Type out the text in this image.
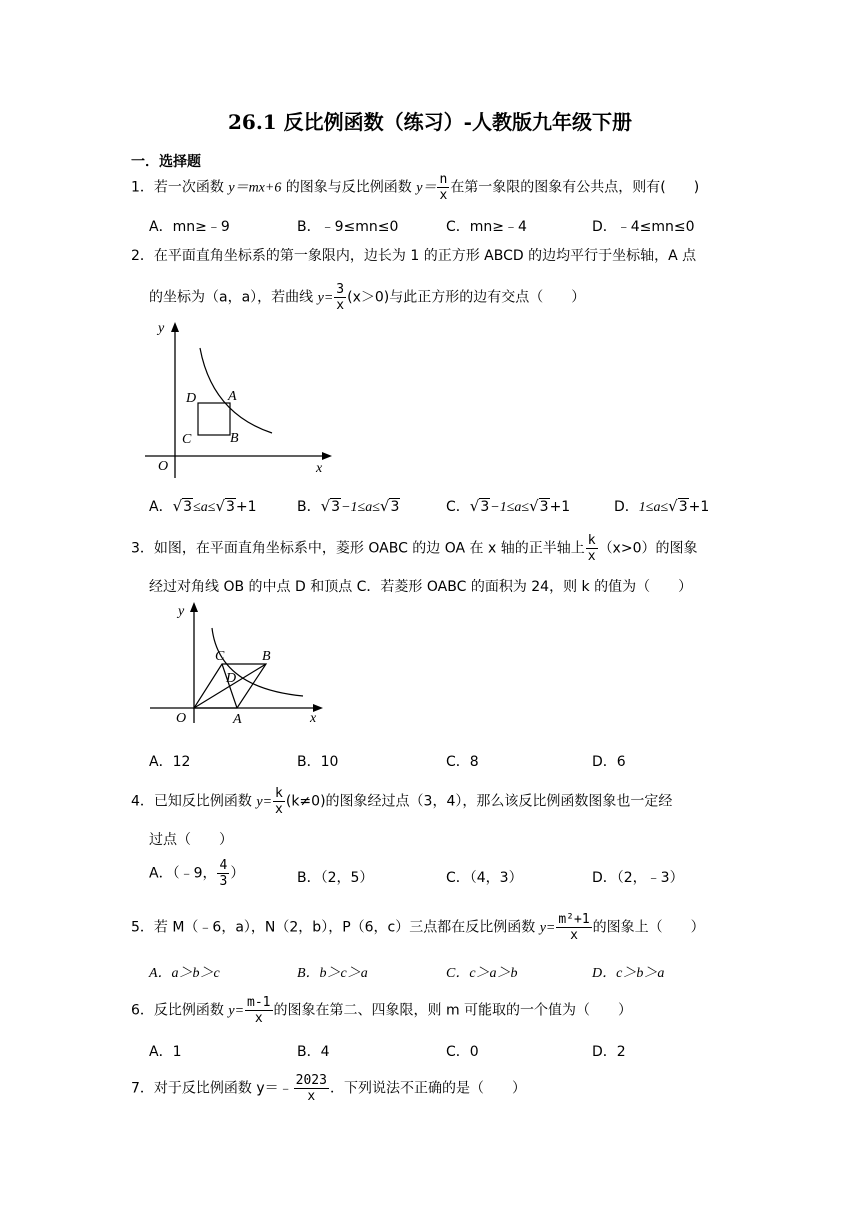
26.1 反比例函数（练习）-人教版九年级下册
一．选择题
1．若一次函数 y＝mx+6 的图象与反比例函数 $y= \frac{n}{x}$ 在第一象限的图象有公共点，则有(　　)
A．mn≥﹣9	B．﹣9≤mn≤0	C．mn≥﹣4	D．﹣4≤mn≤0
2．在平面直角坐标系的第一象限内，边长为 1 的正方形 ABCD 的边均平行于坐标轴，A 点
的坐标为（a，a），若曲线 $y= \frac{3}{x} (x>0)$与此正方形的边有交点（　　）
y
x
O
D A
C	B
A．√3≤a≤√3+1	B．√3−1≤a≤√3	C．√3−1≤a≤√3+1	D．1≤a≤√3+1
3．如图，在平面直角坐标系中，菱形 OABC 的边 OA 在 x 轴的正半轴上 $\frac{k}{x} (x>0)$的图象
经过对角线 OB 的中点 D 和顶点 C．若菱形 OABC 的面积为 24，则 k 的值为（　　）
y
x
O	A
B
C
D
A．12	B．10	C．8	D．6
4．已知反比例函数 $y= \frac{k}{x} (k\ne 0)$的图象经过点（3，4），那么该反比例函数图象也一定经
过点（　　）
A．（﹣9， $\frac{4}{3}$ ）	B．（2，5）	C．（4，3）	D．（2，﹣3）
5．若 M（﹣6，a），N（2，b），P（6，c）三点都在反比例函数 $y= \frac{\text{m²+1}}{x}$ 的图象上（　　）
A．a＞b＞c	B．b＞c＞a	C．c＞a＞b	D．c＞b＞a
6．反比例函数 $y= \frac{m-1}{x}$ 的图象在第二、四象限，则 m 可能取的一个值为（　　）
A．1	B．4	C．0	D．2
7．对于反比例函数 y＝﹣ $\frac{2023}{x}$ ．下列说法不正确的是（　　）
